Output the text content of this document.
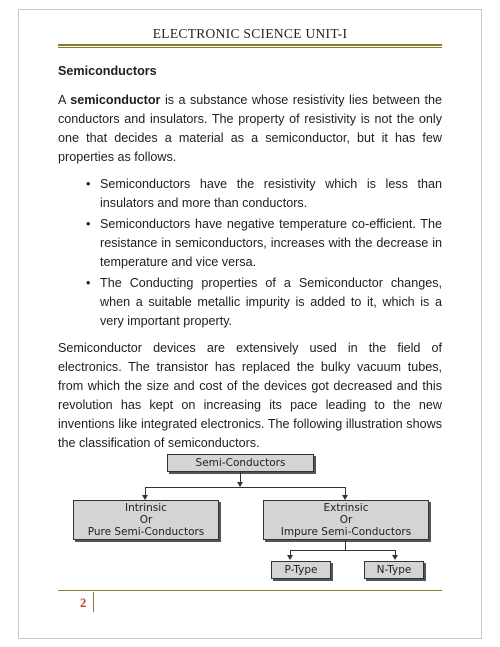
ELECTRONIC SCIENCE UNIT-I
Semiconductors

A semiconductor is a substance whose resistivity lies between the conductors and insulators. The property of resistivity is not the only one that decides a material as a semiconductor, but it has few properties as follows.

• Semiconductors have the resistivity which is less than insulators and more than conductors.
• Semiconductors have negative temperature co-efficient. The resistance in semiconductors, increases with the decrease in temperature and vice versa.
• The Conducting properties of a Semiconductor changes, when a suitable metallic impurity is added to it, which is a very important property.

Semiconductor devices are extensively used in the field of electronics. The transistor has replaced the bulky vacuum tubes, from which the size and cost of the devices got decreased and this revolution has kept on increasing its pace leading to the new inventions like integrated electronics. The following illustration shows the classification of semiconductors.

Semi-Conductors
Intrinsic
Or
Pure Semi-Conductors
Extrinsic
Or
Impure Semi-Conductors
P-Type	N-Type
2
